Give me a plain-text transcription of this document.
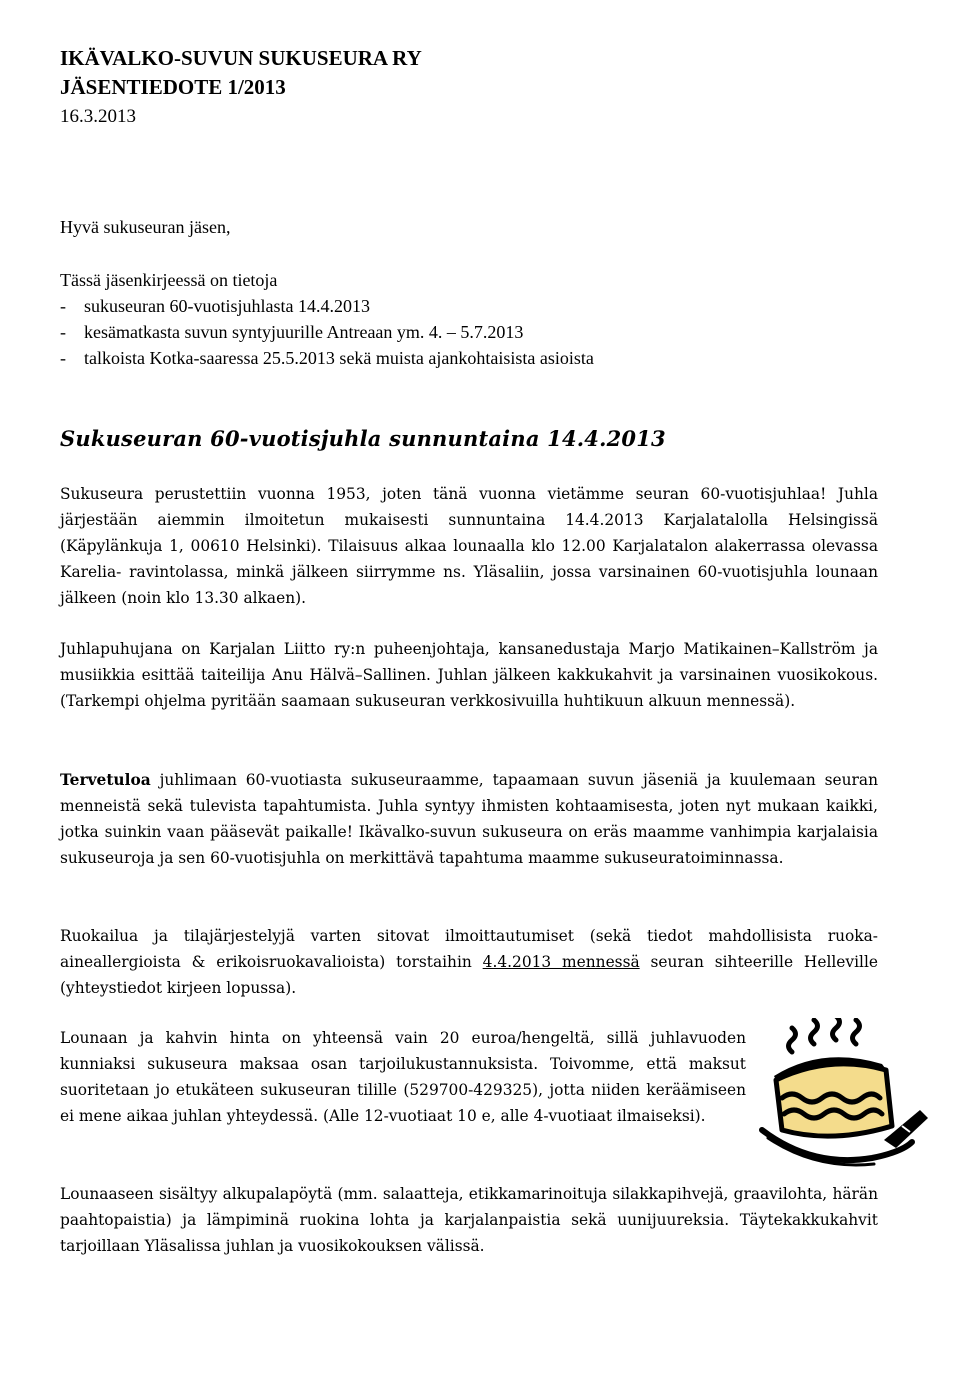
IKÄVALKO-SUVUN SUKUSEURA RY
JÄSENTIEDOTE 1/2013
16.3.2013
Hyvä sukuseuran jäsen,
Tässä jäsenkirjeessä on tietoja
- sukuseuran 60-vuotisjuhlasta 14.4.2013
- kesämatkasta suvun syntyjuurille Antreaan ym. 4. – 5.7.2013
- talkoista Kotka-saaressa 25.5.2013 sekä muista ajankohtaisista asioista
Sukuseuran 60-vuotisjuhla sunnuntaina 14.4.2013
Sukuseura perustettiin vuonna 1953, joten tänä vuonna vietämme seuran 60-vuotisjuhlaa! Juhla järjestään aiemmin ilmoitetun mukaisesti sunnuntaina 14.4.2013 Karjalatalolla Helsingissä (Käpylänkuja 1, 00610 Helsinki). Tilaisuus alkaa lounaalla klo 12.00 Karjalatalon alakerrassa olevassa Karelia- ravintolassa, minkä jälkeen siirrymme ns. Yläsaliin, jossa varsinainen 60-vuotisjuhla lounaan jälkeen (noin klo 13.30 alkaen).
Juhlapuhujana on Karjalan Liitto ry:n puheenjohtaja, kansanedustaja Marjo Matikainen–Kallström ja musiikkia esittää taiteilija Anu Hälvä–Sallinen. Juhlan jälkeen kakkukahvit ja varsinainen vuosikokous. (Tarkempi ohjelma pyritään saamaan sukuseuran verkkosivuilla huhtikuun alkuun mennessä).
Tervetuloa juhlimaan 60-vuotiasta sukuseuraamme, tapaamaan suvun jäseniä ja kuulemaan seuran menneistä sekä tulevista tapahtumista. Juhla syntyy ihmisten kohtaamisesta, joten nyt mukaan kaikki, jotka suinkin vaan pääsevät paikalle! Ikävalko-suvun sukuseura on eräs maamme vanhimpia karjalaisia sukuseuroja ja sen 60-vuotisjuhla on merkittävä tapahtuma maamme sukuseuratoiminnassa.
Ruokailua ja tilajärjestelyjä varten sitovat ilmoittautumiset (sekä tiedot mahdollisista ruoka-aineallergioista & erikoisruokavalioista) torstaihin 4.4.2013 mennessä seuran sihteerille Helleville (yhteystiedot kirjeen lopussa).
Lounaan ja kahvin hinta on yhteensä vain 20 euroa/hengeltä, sillä juhlavuoden kunniaksi sukuseura maksaa osan tarjoilukustannuksista. Toivomme, että maksut suoritetaan jo etukäteen sukuseuran tilille (529700-429325), jotta niiden keräämiseen ei mene aikaa juhlan yhteydessä. (Alle 12-vuotiaat 10 e, alle 4-vuotiaat ilmaiseksi).
Lounaaseen sisältyy alkupalapöytä (mm. salaatteja, etikkamarinoituja silakkapihvejä, graavilohta, härän paahtopaistia) ja lämpiminä ruokina lohta ja karjalanpaistia sekä uunijuureksia. Täytekakkukahvit tarjoillaan Yläsalissa juhlan ja vuosikokouksen välissä.
